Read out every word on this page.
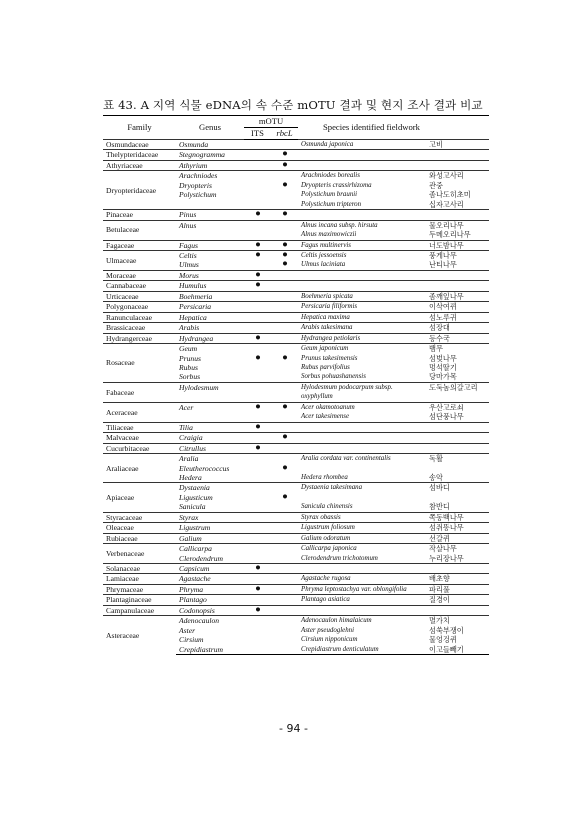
표 43. A 지역 식물 eDNA의 속 수준 mOTU 결과 및 현지 조사 결과 비교
Family	Genus	mOTU		Species identified fieldwork	
		ITS	rbcL		
Osmundaceae	Osmunda			Osmunda japonica	고비
Thelypteridaceae	Stegnogramma		●		
Athyriaceae	Athyrium		●		
Dryopteridaceae	Arachniodes			Arachniodes borealis	와성고사리
	Dryopteris		●	Dryopteris crassirhizoma	관중
	Polystichum			Polystichum braunii	좀나도히초미
				Polystichum tripteron	십자고사리
Pinaceae	Pinus	●	●		
Betulaceae	Alnus			Alnus incana subsp. hirsuta	물오리나무
				Alnus maximowiczii	두메오리나무
Fagaceae	Fagus	●	●	Fagus multinervis	너도밤나무
Ulmaceae	Celtis	●	●	Celtis jessoensis	풍게나무
	Ulmus		●	Ulmus laciniata	난티나무
Moraceae	Morus	●			
Cannabaceae	Humulus	●			
Urticaceae	Boehmeria			Boehmeria spicata	좀깨잎나무
Polygonaceae	Persicaria			Persicaria filiformis	이삭여뀌
Ranunculaceae	Hepatica			Hepatica maxima	섬노루귀
Brassicaceae	Arabis			Arabis takesimana	섬장대
Hydrangerceae	Hydrangea	●		Hydrangea petiolaris	등수국
Rosaceae	Geum			Geum japonicum	뱀무
	Prunus	●	●	Prunus takesimensis	섬벚나무
	Rubus			Rubus parvifolius	멍석딸기
	Sorbus			Sorbus pohuashanensis	당마가목
Fabaceae	Hylodesmum			Hylodesmum podocarpum subsp.	도둑놈의갈고리
				oxyphyllum	
Aceraceae	Acer	●	●	Acer okamotoanum	우산고로쇠
				Acer takesimense	섬단풍나무
Tiliaceae	Tilia	●			
Malvaceae	Craigia		●		
Cucurbitaceae	Citrullus	●			
Araliaceae	Aralia			Aralia cordata var. continentalis	독활
	Eleutherococcus		●		
	Hedera			Hedera rhombea	송악
Apiaceae	Dystaenia			Dystaenia takesimana	섬바디
	Ligusticum		●		
	Sanicula			Sanicula chinensis	참반디
Styracaceae	Styrax			Styrax obassis	쪽동백나무
Oleaceae	Ligustrum			Ligustrum foliosum	섬쥐똥나무
Rubiaceae	Galium			Galium odoratum	선갈퀴
Verbenaceae	Callicarpa			Callicarpa japonica	작살나무
	Clerodendrum			Clerodendrum trichotomum	누리장나무
Solanaceae	Capsicum	●			
Lamiaceae	Agastache			Agastache rugosa	배초향
Phrymaceae	Phryma	●		Phryma leptostachya var. oblongifolia	파리풀
Plantaginaceae	Plantago			Plantago asiatica	질경이
Campanulaceae	Codonopsis	●			
Asteraceae	Adenocaulon			Adenocaulon himalaicum	멸가치
	Aster			Aster pseudoglehni	섬쑥부쟁이
	Cirsium			Cirsium nipponicum	물엉겅퀴
	Crepidiastrum			Crepidiastrum denticulatum	이고들빼기
- 94 -
